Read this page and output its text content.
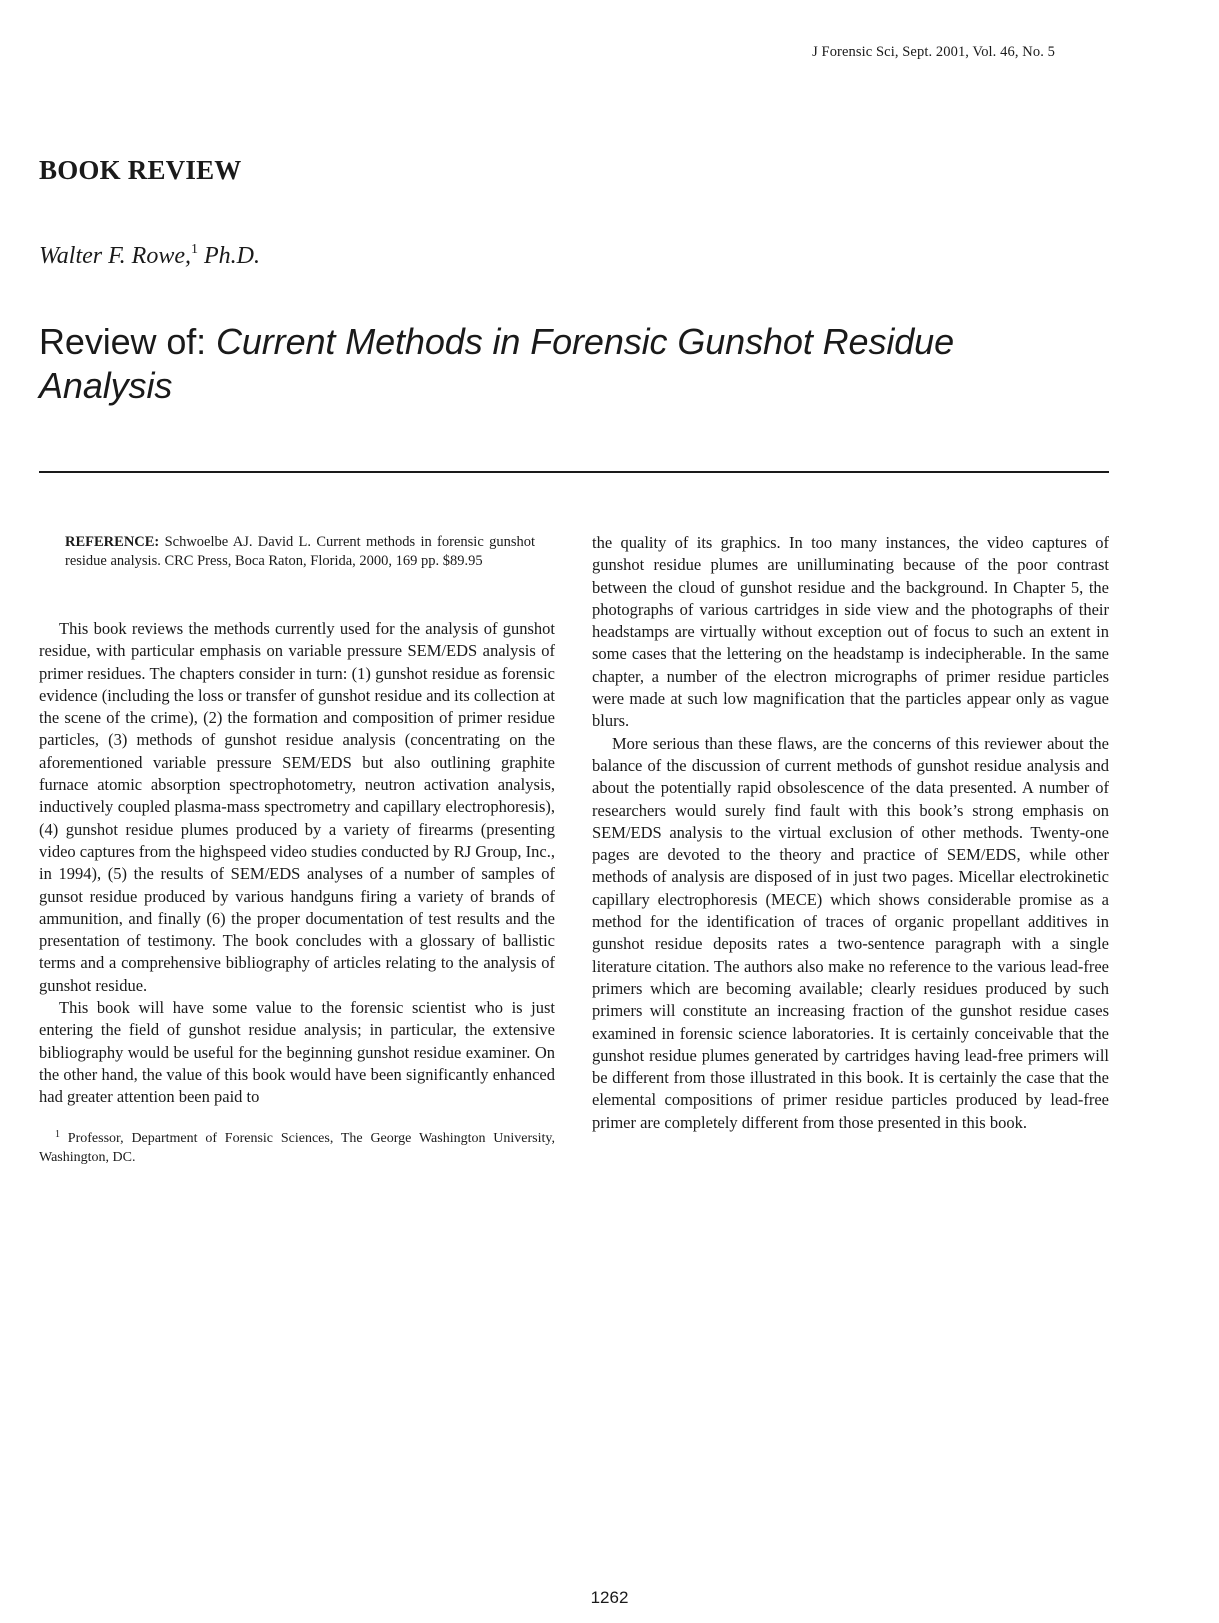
J Forensic Sci, Sept. 2001, Vol. 46, No. 5
BOOK REVIEW
Walter F. Rowe,$^1$ Ph.D.
Review of: Current Methods in Forensic Gunshot Residue Analysis
REFERENCE: Schwoelbe AJ. David L. Current methods in forensic gunshot residue analysis. CRC Press, Boca Raton, Florida, 2000, 169 pp. $89.95

This book reviews the methods currently used for the analysis of gunshot residue, with particular emphasis on variable pressure SEM/EDS analysis of primer residues. The chapters consider in turn: (1) gunshot residue as forensic evidence (including the loss or transfer of gunshot residue and its collection at the scene of the crime), (2) the formation and composition of primer residue particles, (3) methods of gunshot residue analysis (concentrating on the aforementioned variable pressure SEM/EDS but also outlining graphite furnace atomic absorption spectrophotometry, neutron activation analysis, inductively coupled plasma-mass spectrometry and capillary electrophoresis), (4) gunshot residue plumes produced by a variety of firearms (presenting video captures from the highspeed video studies conducted by RJ Group, Inc., in 1994), (5) the results of SEM/EDS analyses of a number of samples of gunsot residue produced by various handguns firing a variety of brands of ammunition, and finally (6) the proper documentation of test results and the presentation of testimony. The book concludes with a glossary of ballistic terms and a comprehensive bibliography of articles relating to the analysis of gunshot residue.

This book will have some value to the forensic scientist who is just entering the field of gunshot residue analysis; in particular, the extensive bibliography would be useful for the beginning gunshot residue examiner. On the other hand, the value of this book would have been significantly enhanced had greater attention been paid to

$^1$ Professor, Department of Forensic Sciences, The George Washington University, Washington, DC.

the quality of its graphics. In too many instances, the video captures of gunshot residue plumes are unilluminating because of the poor contrast between the cloud of gunshot residue and the background. In Chapter 5, the photographs of various cartridges in side view and the photographs of their headstamps are virtually without exception out of focus to such an extent in some cases that the lettering on the headstamp is indecipherable. In the same chapter, a number of the electron micrographs of primer residue particles were made at such low magnification that the particles appear only as vague blurs.

More serious than these flaws, are the concerns of this reviewer about the balance of the discussion of current methods of gunshot residue analysis and about the potentially rapid obsolescence of the data presented. A number of researchers would surely find fault with this book’s strong emphasis on SEM/EDS analysis to the virtual exclusion of other methods. Twenty-one pages are devoted to the theory and practice of SEM/EDS, while other methods of analysis are disposed of in just two pages. Micellar electrokinetic capillary electrophoresis (MECE) which shows considerable promise as a method for the identification of traces of organic propellant additives in gunshot residue deposits rates a two-sentence paragraph with a single literature citation. The authors also make no reference to the various lead-free primers which are becoming available; clearly residues produced by such primers will constitute an increasing fraction of the gunshot residue cases examined in forensic science laboratories. It is certainly conceivable that the gunshot residue plumes generated by cartridges having lead-free primers will be different from those illustrated in this book. It is certainly the case that the elemental compositions of primer residue particles produced by lead-free primer are completely different from those presented in this book.

1262
